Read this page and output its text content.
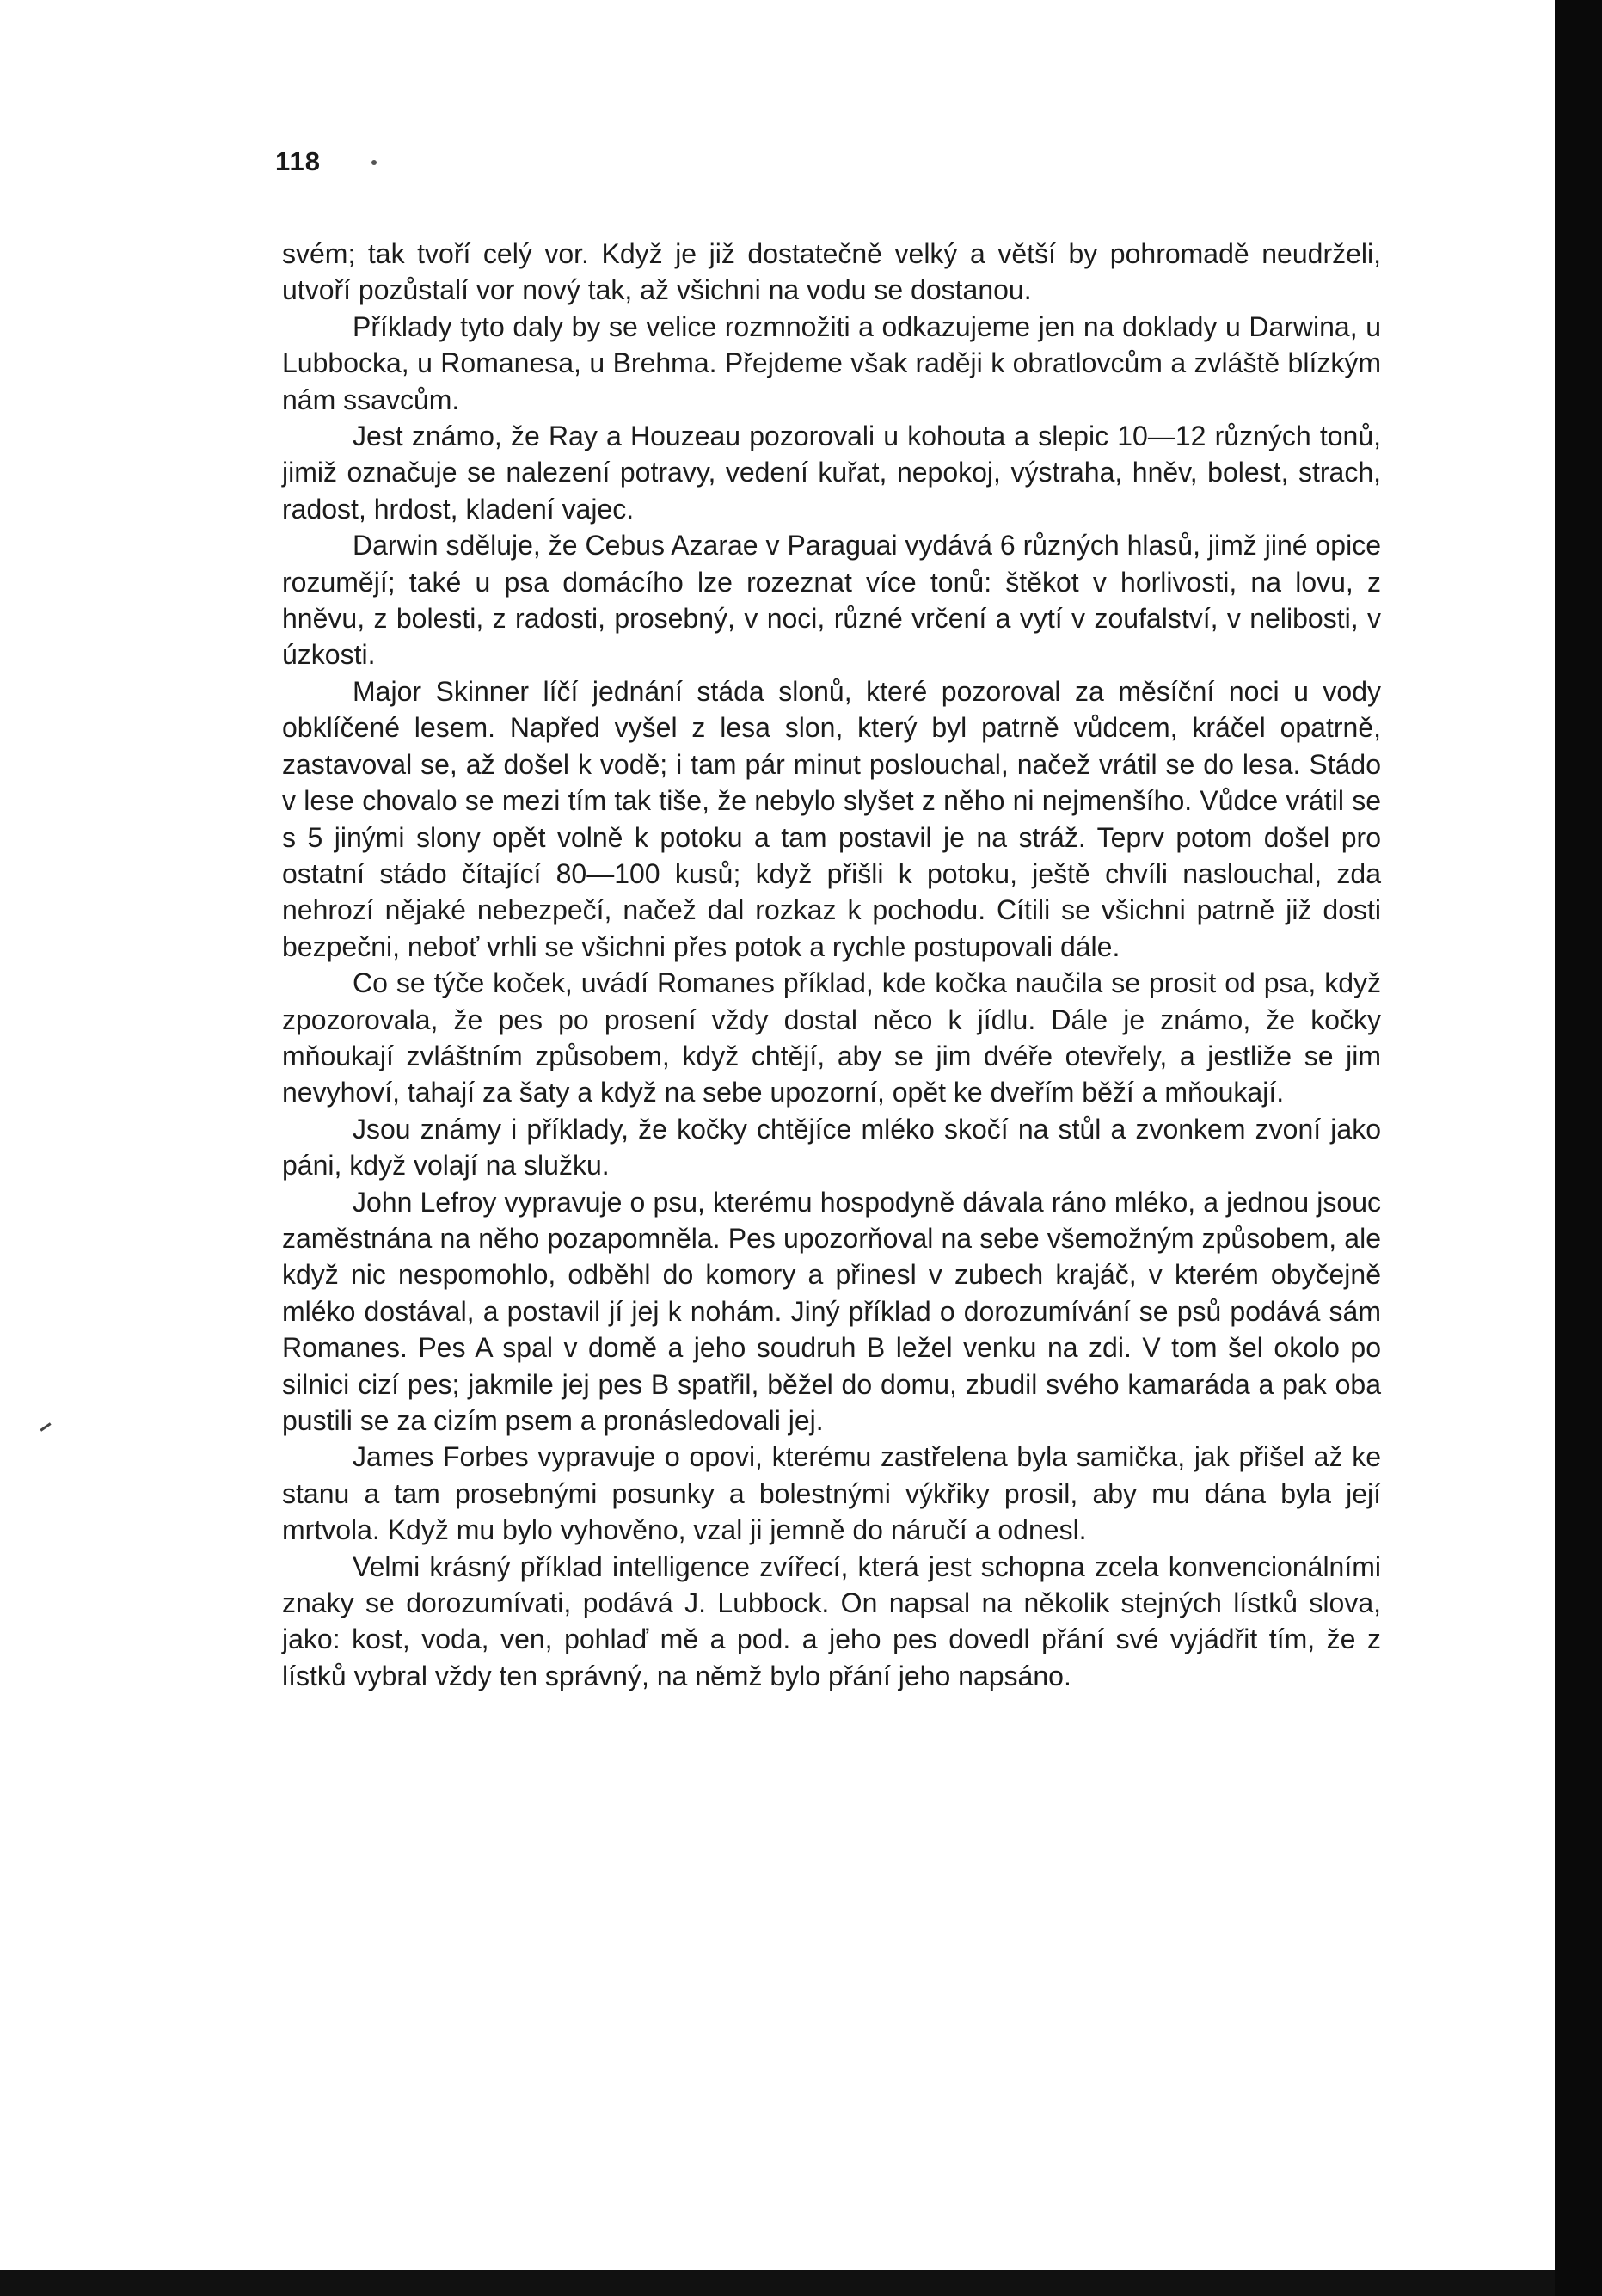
118

svém; tak tvoří celý vor. Když je již dostatečně velký a větší by pohromadě neudrželi, utvoří pozůstalí vor nový tak, až všichni na vodu se dostanou.

Příklady tyto daly by se velice rozmnožiti a odkazujeme jen na doklady u Darwina, u Lubbocka, u Romanesa, u Brehma. Přejdeme však raději k obratlovcům a zvláště blízkým nám ssavcům.

Jest známo, že Ray a Houzeau pozorovali u kohouta a slepic 10—12 různých tonů, jimiž označuje se nalezení potravy, vedení kuřat, nepokoj, výstraha, hněv, bolest, strach, radost, hrdost, kladení vajec.

Darwin sděluje, že Cebus Azarae v Paraguai vydává 6 různých hlasů, jimž jiné opice rozumějí; také u psa domácího lze rozeznat více tonů: štěkot v horlivosti, na lovu, z hněvu, z bolesti, z radosti, prosebný, v noci, různé vrčení a vytí v zoufalství, v nelibosti, v úzkosti.

Major Skinner líčí jednání stáda slonů, které pozoroval za měsíční noci u vody obklíčené lesem. Napřed vyšel z lesa slon, který byl patrně vůdcem, kráčel opatrně, zastavoval se, až došel k vodě; i tam pár minut poslouchal, načež vrátil se do lesa. Stádo v lese chovalo se mezi tím tak tiše, že nebylo slyšet z něho ni nejmenšího. Vůdce vrátil se s 5 jinými slony opět volně k potoku a tam postavil je na stráž. Teprv potom došel pro ostatní stádo čítající 80—100 kusů; když přišli k potoku, ještě chvíli naslouchal, zda nehrozí nějaké nebezpečí, načež dal rozkaz k pochodu. Cítili se všichni patrně již dosti bezpečni, neboť vrhli se všichni přes potok a rychle postupovali dále.

Co se týče koček, uvádí Romanes příklad, kde kočka naučila se prosit od psa, když zpozorovala, že pes po prosení vždy dostal něco k jídlu. Dále je známo, že kočky mňoukají zvláštním způsobem, když chtějí, aby se jim dvéře otevřely, a jestliže se jim nevyhoví, tahají za šaty a když na sebe upozorní, opět ke dveřím běží a mňoukají.

Jsou známy i příklady, že kočky chtějíce mléko skočí na stůl a zvonkem zvoní jako páni, když volají na služku.

John Lefroy vypravuje o psu, kterému hospodyně dávala ráno mléko, a jednou jsouc zaměstnána na něho pozapomněla. Pes upozorňoval na sebe všemožným způsobem, ale když nic nespomohlo, odběhl do komory a přinesl v zubech krajáč, v kterém obyčejně mléko dostával, a postavil jí jej k nohám. Jiný příklad o dorozumívání se psů podává sám Romanes. Pes A spal v domě a jeho soudruh B ležel venku na zdi. V tom šel okolo po silnici cizí pes; jakmile jej pes B spatřil, běžel do domu, zbudil svého kamaráda a pak oba pustili se za cizím psem a pronásledovali jej.

James Forbes vypravuje o opovi, kterému zastřelena byla samička, jak přišel až ke stanu a tam prosebnými posunky a bolestnými výkřiky prosil, aby mu dána byla její mrtvola. Když mu bylo vyhověno, vzal ji jemně do náručí a odnesl.

Velmi krásný příklad intelligence zvířecí, která jest schopna zcela konvencionálními znaky se dorozumívati, podává J. Lubbock. On napsal na několik stejných lístků slova, jako: kost, voda, ven, pohlaď mě a pod. a jeho pes dovedl přání své vyjádřit tím, že z lístků vybral vždy ten správný, na němž bylo přání jeho napsáno.
